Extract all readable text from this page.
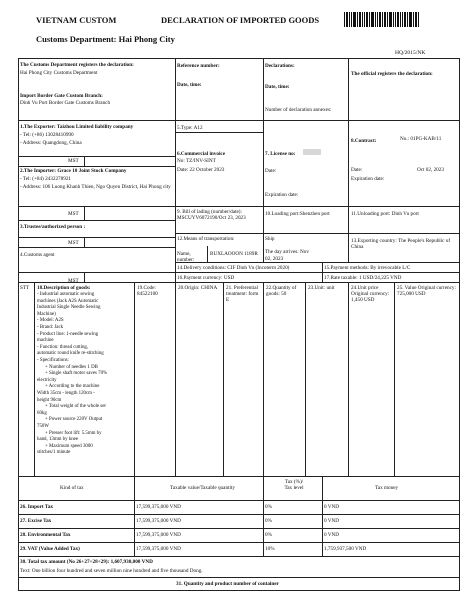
VIETNAM CUSTOM	DECLARATION OF IMPORTED GOODS
Customs Department: Hai Phong City
HQ/2015/NK
The Customs Department registers the declaration:
Hai Phong City Customs Department
Import Border Gate Custom Branch:
Dinh Vu Port Border Gate Customs Branch
Reference number:
Date, time:
Declarations:
Date, time:
Number of declaration annexes:
The official registers the declaration:
1.The Exporter: Taizhou Limited liability company
- Tel: (+86) 13028410990
- Address: Quangdong, China
MST
5.Type: A12
6.Commercial invoice
No: TZ/INV-SINT
Date: 22 October 2023
7. License no:
Date:
Expiration date:
8.Contract:	No.: 01PG-KAB/11
Date:	Oct 02, 2023
Expiration date:
2.The Importer: Grace 10 Joint Stock Company
- Tel: (+84) 2432278921
- Address: 106 Luong Khanh Thien, Ngo Quyen District, Hai Phong city
MST	9. Bill of lading (number/date): MSCUYV6072190/Oct 23, 2023
10.Loading port:Shenzhen port	11.Unloading port: Dinh Vu port
3.Trustee/authorized person :
MST
4.Customs agent
12.Means of transportation:	Ship
Name, number:
BUXLAOOON 1189R The day arrives: Nov
02, 2023
13.Exporting country: The People's Republic of China
14.Delivery conditions: CIF Dinh Vu (Incoterm 2020)	15.Payment methods: By irrevocable L/C
MST	16.Payment currency: USD	17.Rate taxable: 1 USD/24,225 VND
STT 18.Description of goods:
- Industrial automatic sewing
machines (Jack A2S Automatic
Industrial Single Needle Sewing
Machine)
- Model: A2S
- Brand: Jack
- Product line: 1-needle sewing
machine
- Function: thread cutting,
automatic round knife re-stitching
- Specifications:
+ Number of needles 1 DB
+ Single shaft motor saves 70%
electricity
+ According to the machine
Width 35cm - length 120cm -
height 90cm
+ Total weight of the whole set
60kg
+ Power source 220V Output
750W
+ Presser foot lift: 5.5mm by
hand, 13mm by knee
+ Maximum speed 3000
stitches/1 minute
19.Code: 84522100
20.Origin: CHINA	21. Preferential treatment: form E
22.Quantity of goods: 50
23.Unit: unit	24.Unit price Original currency: 1,450 USD
25. Value Original currency: 725,000 USD
Kind of tax	Taxable value/Taxable quantity
Tax (%)/ Tax level	Tax money
26. Import Tax	17,599,375,000 VND	0%	0 VND
27. Excise Tax	17,599,375,000 VND	0%	0 VND
28. Environmental Tax	17,599,375,000 VND	0%	0 VND
29. VAT (Value Added Tax)	17,599,375,000 VND	10%	1,759,937,500 VND
30. Total tax amount (No 26+27+28+29): 1,607,930,000 VND
Text: One billion four hundred and seven million nine hundred and five thousand Dong.
31. Quantity and product number of container
